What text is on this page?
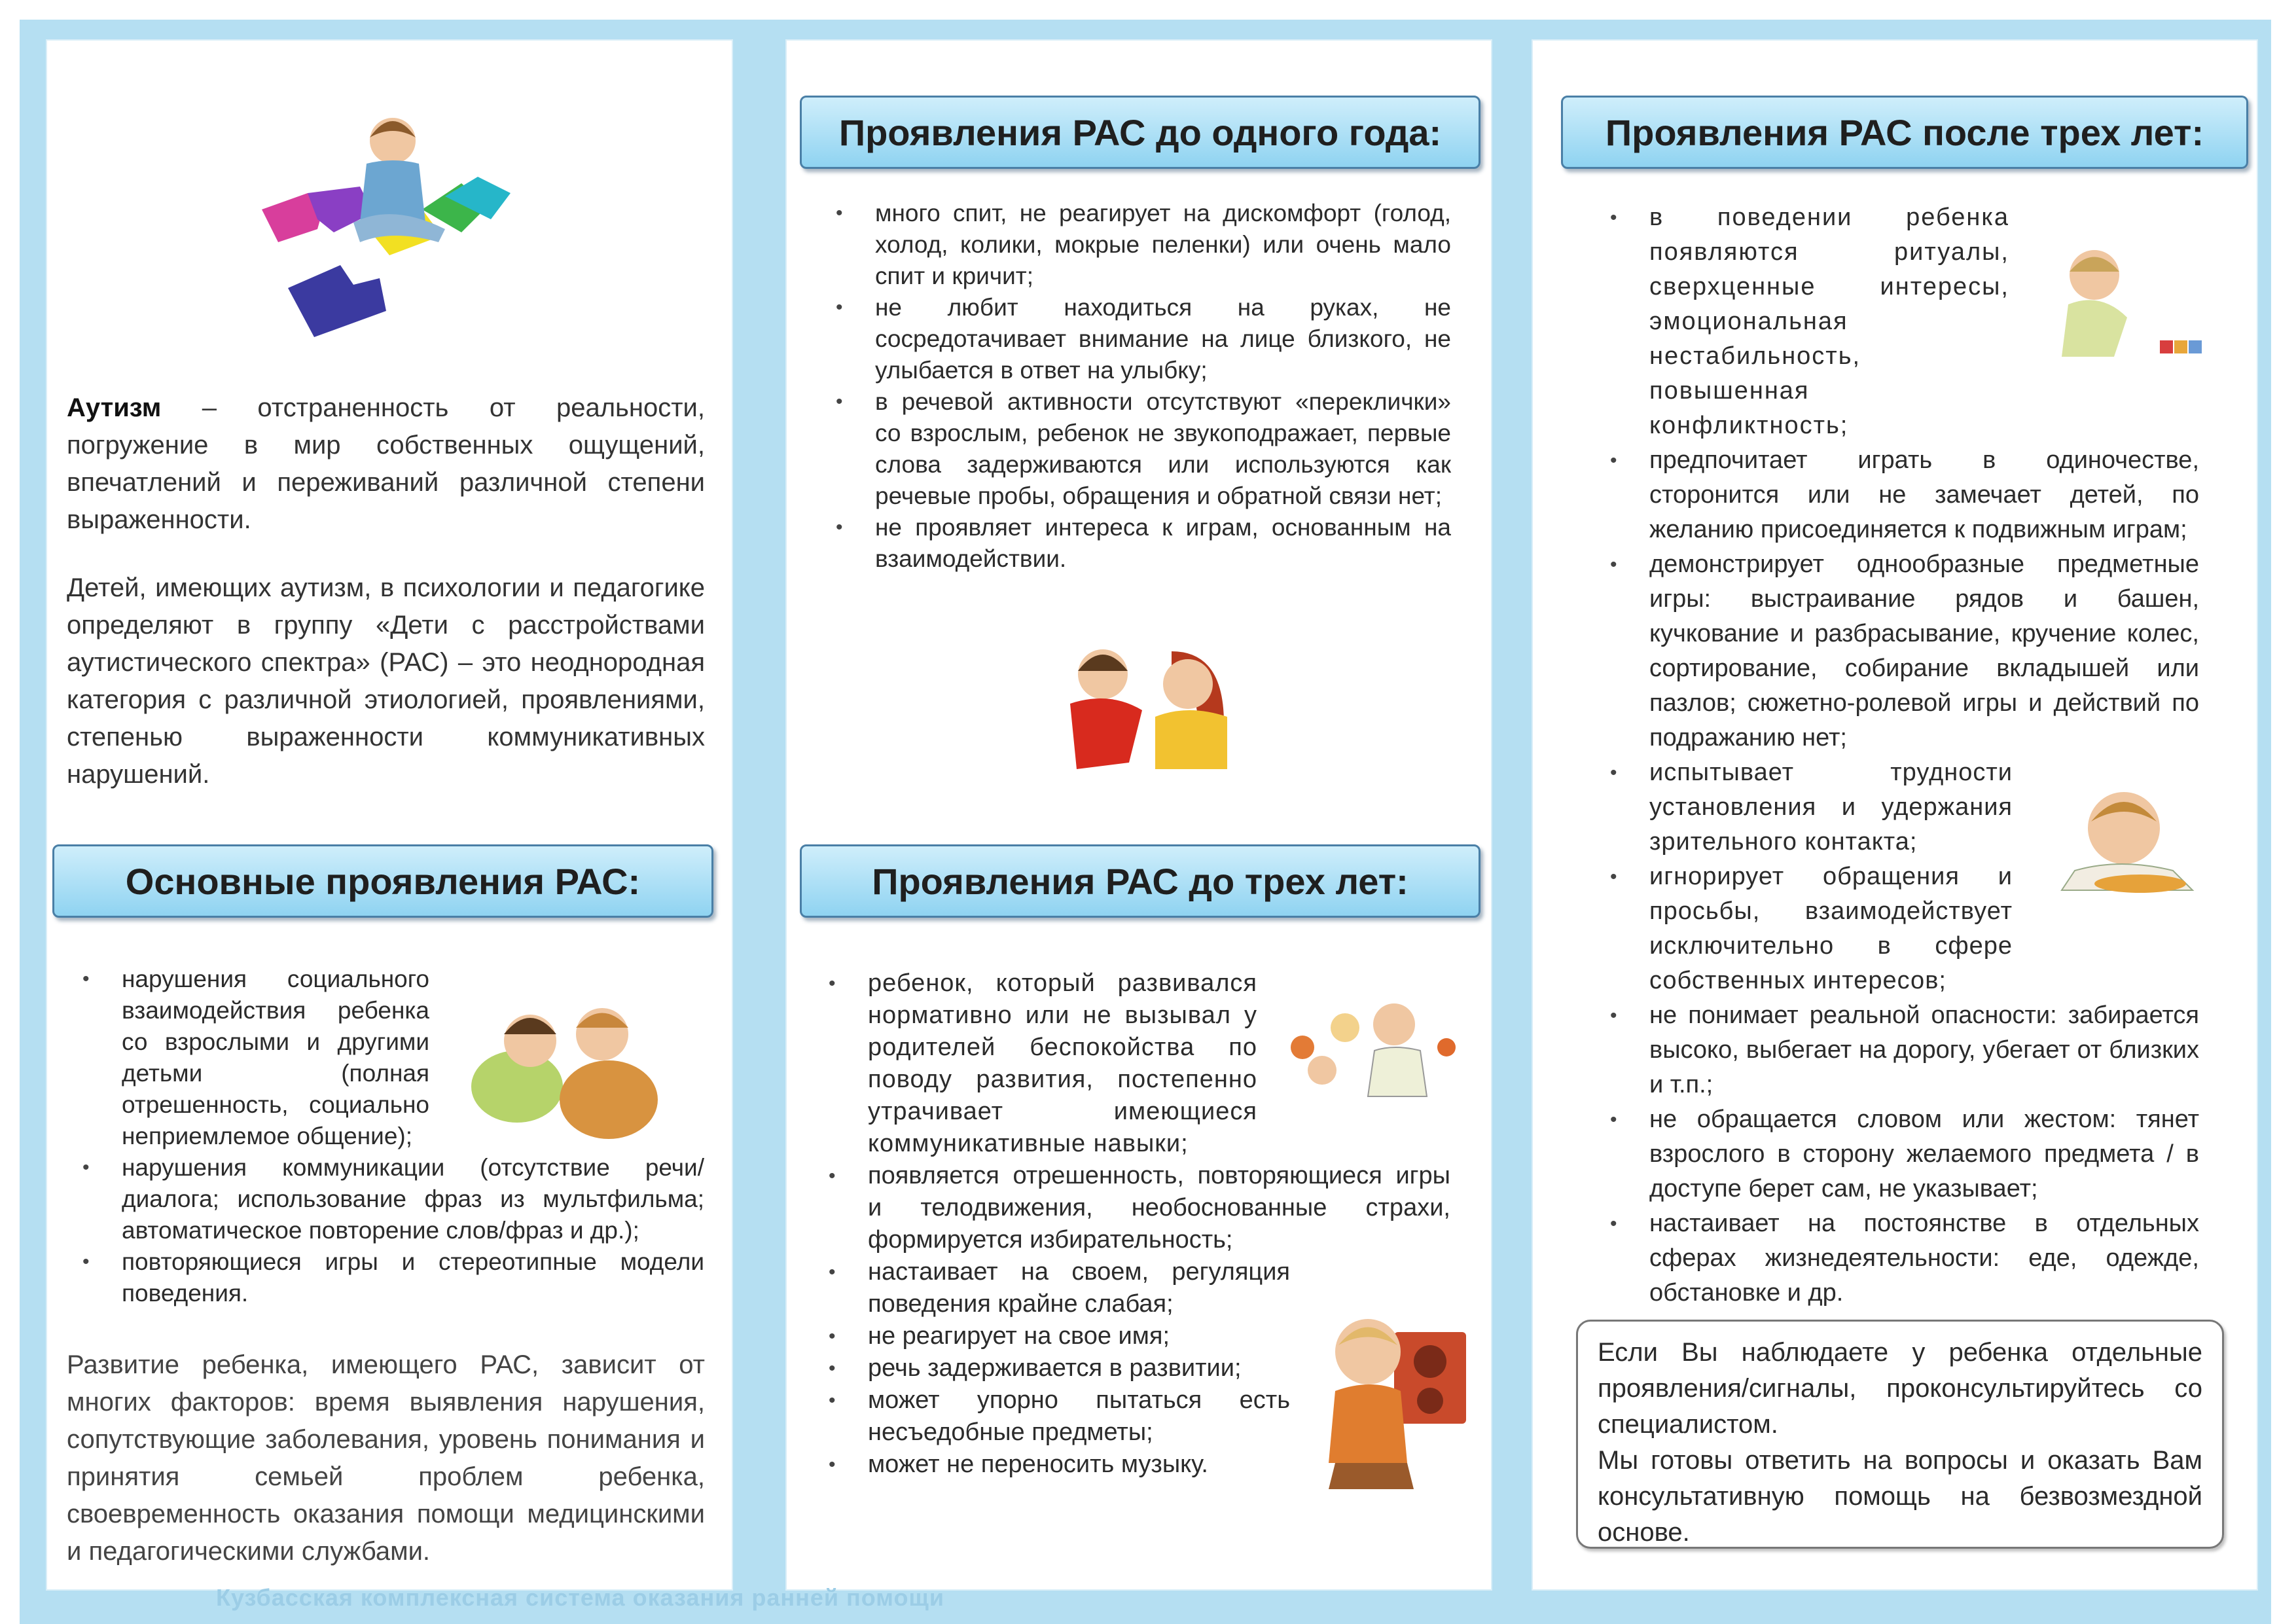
Аутизм – отстраненность от реальности, погружение в мир собственных ощущений, впечатлений и переживаний различной степени выраженности.
Детей, имеющих аутизм, в психологии и педагогике определяют в группу «Дети с расстройствами аутистического спектра» (РАС) – это неоднородная категория с различной этиологией, проявлениями, степенью выраженности коммуникативных нарушений.
Основные проявления РАС:
• нарушения социального взаимодействия ребенка со взрослыми и другими детьми (полная отрешенность, социально неприемлемое общение);
• нарушения коммуникации (отсутствие речи/диалога; использование фраз из мультфильма; автоматическое повторение слов/фраз и др.);
• повторяющиеся игры и стереотипные модели поведения.
Развитие ребенка, имеющего РАС, зависит от многих факторов: время выявления нарушения, сопутствующие заболевания, уровень понимания и принятия семьей проблем ребенка, своевременность оказания помощи медицинскими и педагогическими службами.
Проявления РАС до одного года:
• много спит, не реагирует на дискомфорт (голод, холод, колики, мокрые пеленки) или очень мало спит и кричит;
• не любит находиться на руках, не сосредотачивает внимание на лице близкого, не улыбается в ответ на улыбку;
• в речевой активности отсутствуют «переклички» со взрослым, ребенок не звукоподражает, первые слова задерживаются или используются как речевые пробы, обращения и обратной связи нет;
• не проявляет интереса к играм, основанным на взаимодействии.
Проявления РАС до трех лет:
• ребенок, который развивался нормативно или не вызывал у родителей беспокойства по поводу развития, постепенно утрачивает имеющиеся коммуникативные навыки;
• появляется отрешенность, повторяющиеся игры и телодвижения, необоснованные страхи, формируется избирательность;
• настаивает на своем, регуляция поведения крайне слабая;
• не реагирует на свое имя;
• речь задерживается в развитии;
• может упорно пытаться есть несъедобные предметы;
• может не переносить музыку.
Проявления РАС после трех лет:
• в поведении ребенка появляются ритуалы, сверхценные интересы, эмоциональная нестабильность, повышенная конфликтность;
• предпочитает играть в одиночестве, сторонится или не замечает детей, по желанию присоединяется к подвижным играм;
• демонстрирует однообразные предметные игры: выстраивание рядов и башен, кучкование и разбрасывание, кручение колес, сортирование, собирание вкладышей или пазлов; сюжетно-ролевой игры и действий по подражанию нет;
• испытывает трудности установления и удержания зрительного контакта;
• игнорирует обращения и просьбы, взаимодействует исключительно в сфере собственных интересов;
• не понимает реальной опасности: забирается высоко, выбегает на дорогу, убегает от близких и т.п.;
• не обращается словом или жестом: тянет взрослого в сторону желаемого предмета / в доступе берет сам, не указывает;
• настаивает на постоянстве в отдельных сферах жизнедеятельности: еде, одежде, обстановке и др.

Если Вы наблюдаете у ребенка отдельные проявления/сигналы, проконсультируйтесь со специалистом.

Мы готовы ответить на вопросы и оказать Вам консультативную помощь на безвозмездной основе.

Кузбасская комплексная система оказания ранней помощи
